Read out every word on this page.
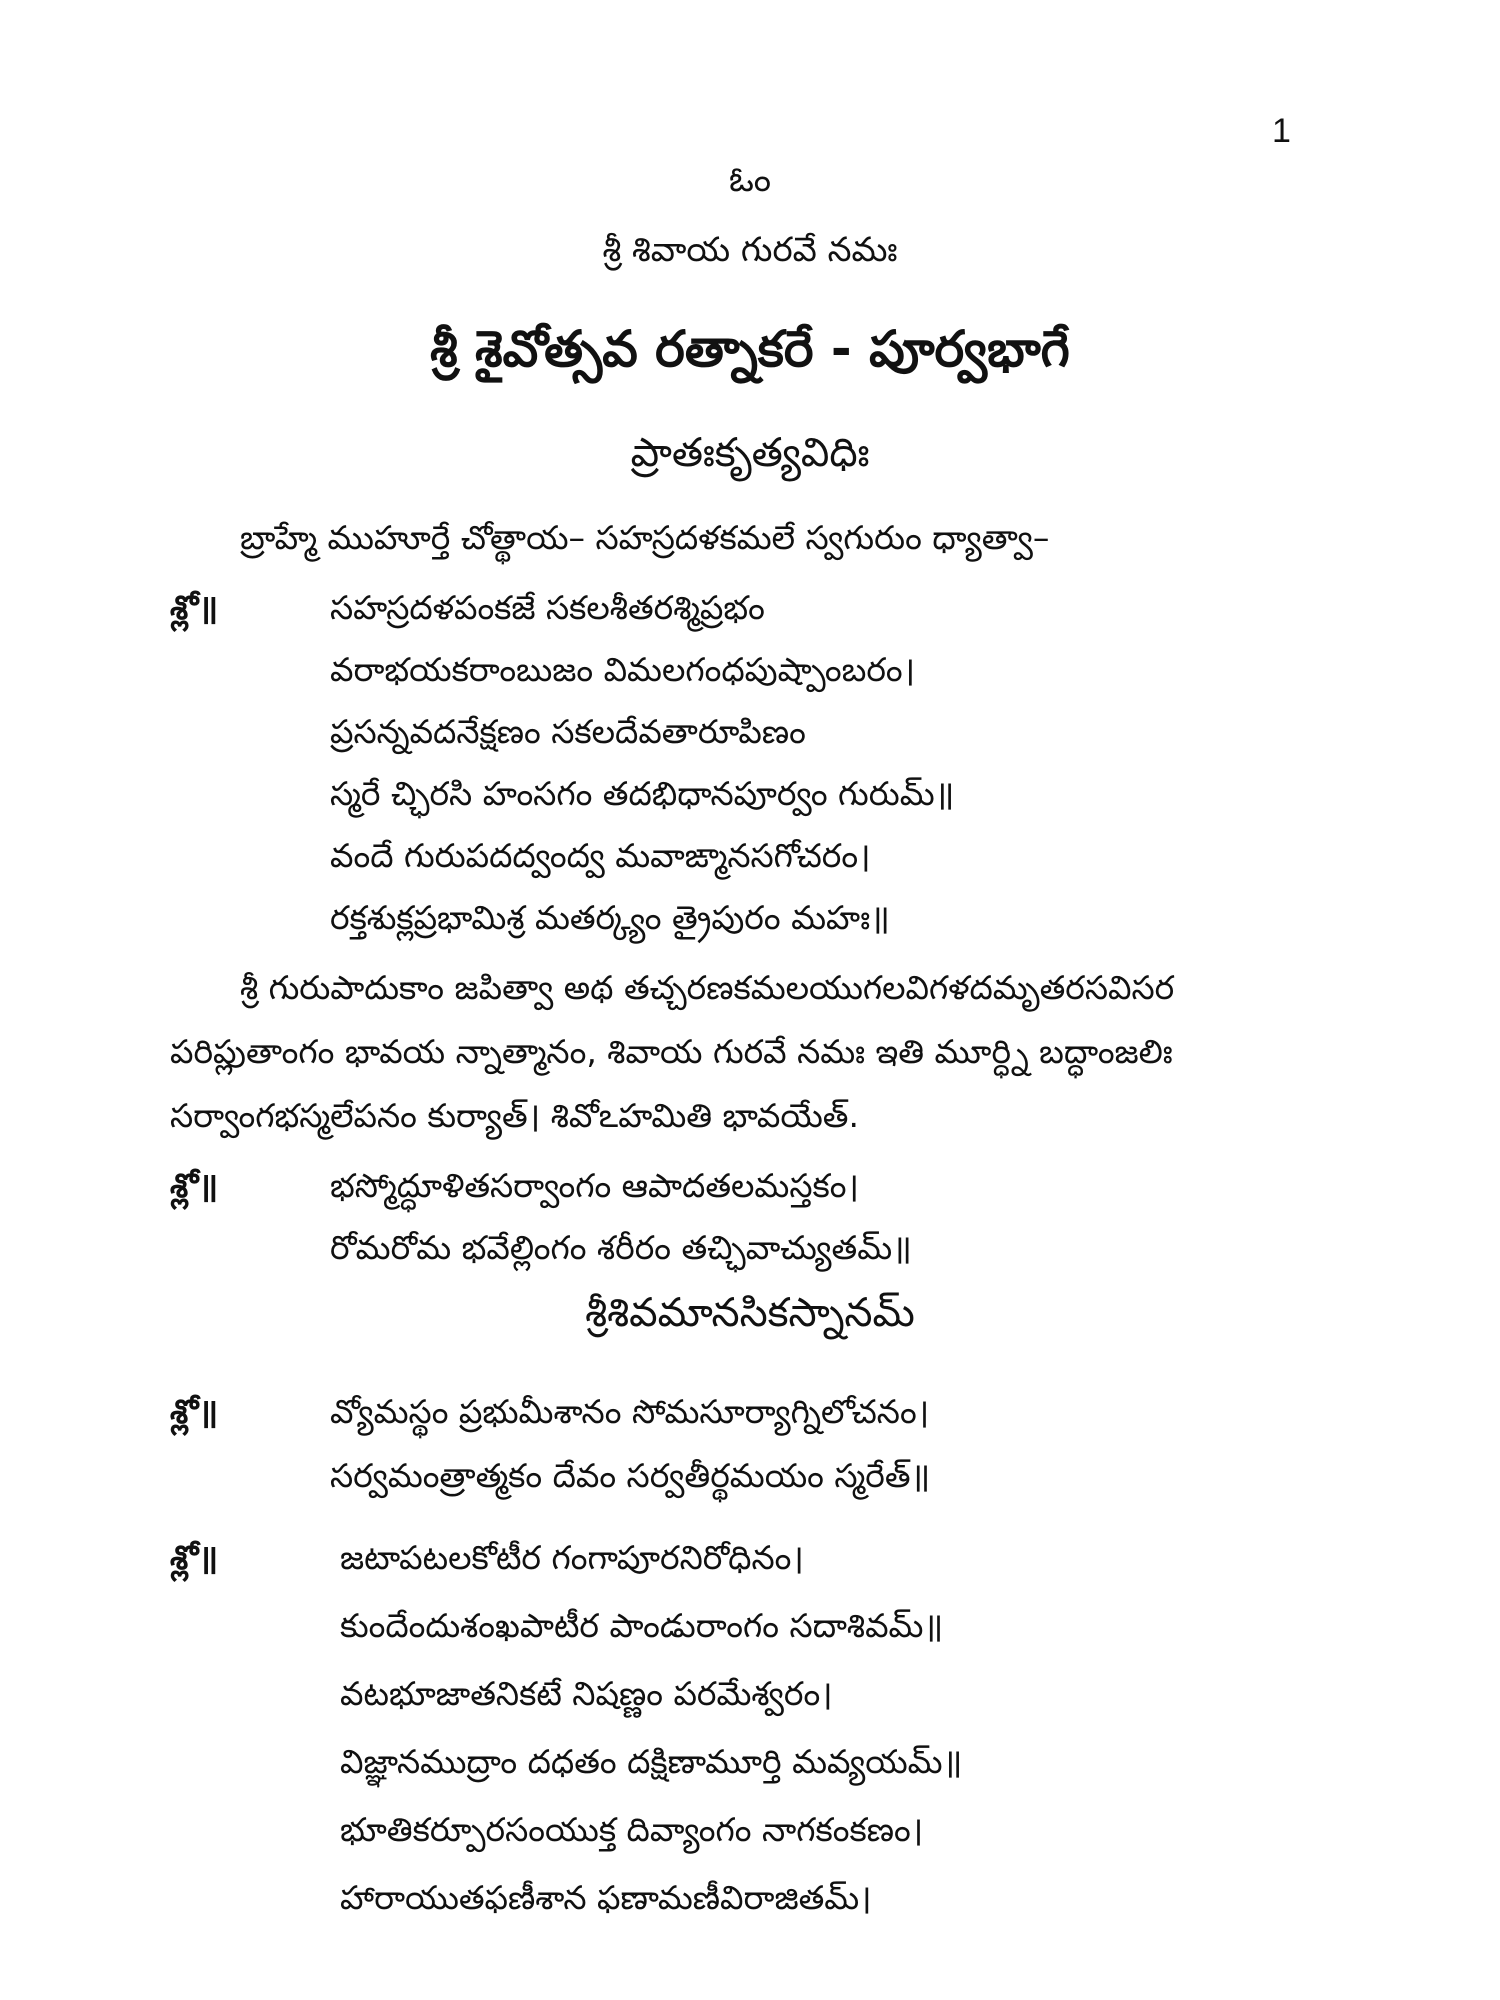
1
ఓం
శ్రీ శివాయ గురవే నమః
శ్రీ శైవోత్సవ రత్నాకరే - పూర్వభాగే
ప్రాతఃకృత్యవిధిః
బ్రాహ్మే ముహూర్తే చోత్థాయ– సహస్రదళకమలే స్వగురుం ధ్యాత్వా–
శ్లో॥	సహస్రదళపంకజే సకలశీతరశ్మిప్రభం
వరాభయకరాంబుజం విమలగంధపుష్పాంబరం।
ప్రసన్నవదనేక్షణం సకలదేవతారూపిణం
స్మరే చ్ఛిరసి హంసగం తదభిధానపూర్వం గురుమ్॥
వందే గురుపదద్వంద్వ మవాఙ్మానసగోచరం।
రక్తశుక్లప్రభామిశ్ర మతర్క్యం త్రైపురం మహః॥
శ్రీ గురుపాదుకాం జపిత్వా అథ తచ్చరణకమలయుగలవిగళదమృతరసవిసర
పరిప్లుతాంగం భావయ న్నాత్మానం, శివాయ గురవే నమః ఇతి మూర్ధ్ని బద్ధాంజలిః
సర్వాంగభస్మలేపనం కుర్యాత్। శివోఽహమితి భావయేత్.
శ్లో॥	భస్మోద్ధూళితసర్వాంగం ఆపాదతలమస్తకం।
రోమరోమ భవేల్లింగం శరీరం తచ్ఛివాచ్యుతమ్॥
శ్రీశివమానసికస్నానమ్
శ్లో॥	వ్యోమస్థం ప్రభుమీశానం సోమసూర్యాగ్నిలోచనం।
సర్వమంత్రాత్మకం దేవం సర్వతీర్థమయం స్మరేత్॥
శ్లో॥	జటాపటలకోటీర గంగాపూరనిరోధినం।
కుందేందుశంఖపాటీర పాండురాంగం సదాశివమ్॥
వటభూజాతనికటే నిషణ్ణం పరమేశ్వరం।
విజ్ఞానముద్రాం దధతం దక్షిణామూర్తి మవ్యయమ్॥
భూతికర్పూరసంయుక్త దివ్యాంగం నాగకంకణం।
హారాయుతఫణీశాన ఫణామణీవిరాజితమ్।
